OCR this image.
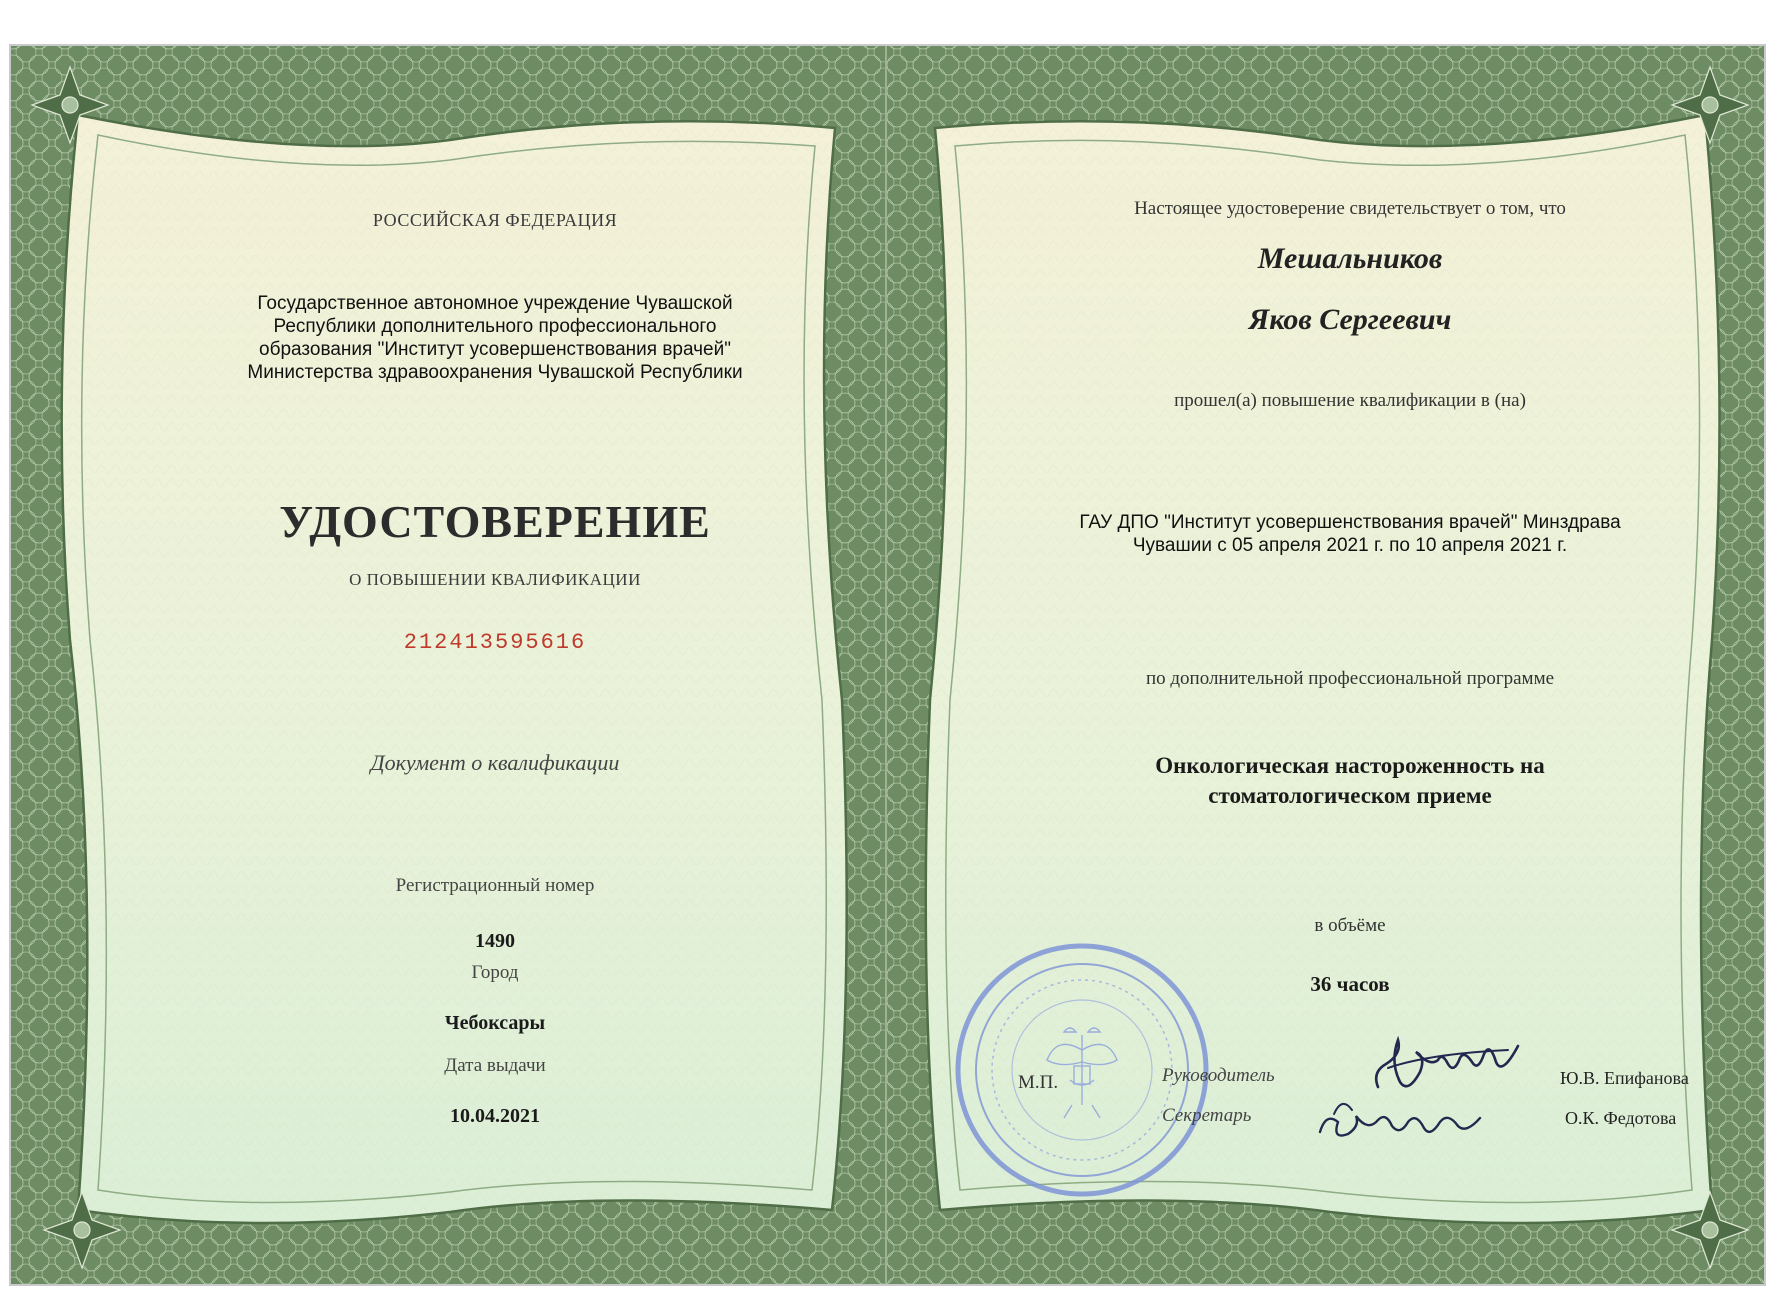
РОССИЙСКАЯ ФЕДЕРАЦИЯ

Государственное автономное учреждение Чувашской

Республики дополнительного профессионального

образования "Институт усовершенствования врачей"

Министерства здравоохранения Чувашской Республики

УДОСТОВЕРЕНИЕ

О ПОВЫШЕНИИ КВАЛИФИКАЦИИ

212413595616

Документ о квалификации

Регистрационный номер

1490

Город

Чебоксары

Дата выдачи

10.04.2021

Настоящее удостоверение свидетельствует о том, что

Мешальников

Яков Сергеевич

прошел(а) повышение квалификации в (на)

ГАУ ДПО "Институт усовершенствования врачей" Минздрава

Чувашии с 05 апреля 2021 г. по 10 апреля 2021 г.

по дополнительной профессиональной программе

Онкологическая настороженность на

стоматологическом приеме

в объёме

36 часов

М.П.	Руководитель

Секретарь

Ю.В. Епифанова

О.К. Федотова
